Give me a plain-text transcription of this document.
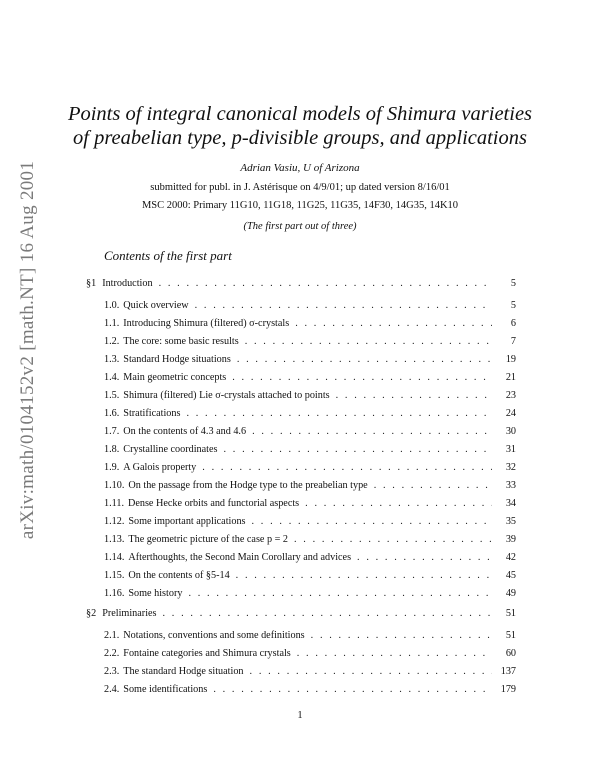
arXiv:math/0104152v2 [math.NT] 16 Aug 2001
Points of integral canonical models of Shimura varieties
of preabelian type, p-divisible groups, and applications
Adrian Vasiu, U of Arizona
submitted for publ. in J. Astérisque on 4/9/01; up dated version 8/16/01
MSC 2000: Primary 11G10, 11G18, 11G25, 11G35, 14F30, 14G35, 14K10
(The first part out of three)
Contents of the first part
§1 Introduction . . .	5
1.0. Quick overview . . .	5
1.1. Introducing Shimura (filtered) σ-crystals . . .	6
1.2. The core: some basic results . . .	7
1.3. Standard Hodge situations . . .	19
1.4. Main geometric concepts . . .	21
1.5. Shimura (filtered) Lie σ-crystals attached to points . . .	23
1.6. Stratifications . . .	24
1.7. On the contents of 4.3 and 4.6 . . .	30
1.8. Crystalline coordinates . . .	31
1.9. A Galois property . . .	32
1.10. On the passage from the Hodge type to the preabelian type . . .	33
1.11. Dense Hecke orbits and functorial aspects . . .	34
1.12. Some important applications . . .	35
1.13. The geometric picture of the case p = 2 . . .	39
1.14. Afterthoughts, the Second Main Corollary and advices . . .	42
1.15. On the contents of §5-14 . . .	45
1.16. Some history . . .	49
§2 Preliminaries . . .	51
2.1. Notations, conventions and some definitions . . .	51
2.2. Fontaine categories and Shimura crystals . . .	60
2.3. The standard Hodge situation . . .	137
2.4. Some identifications . . .	179
1
